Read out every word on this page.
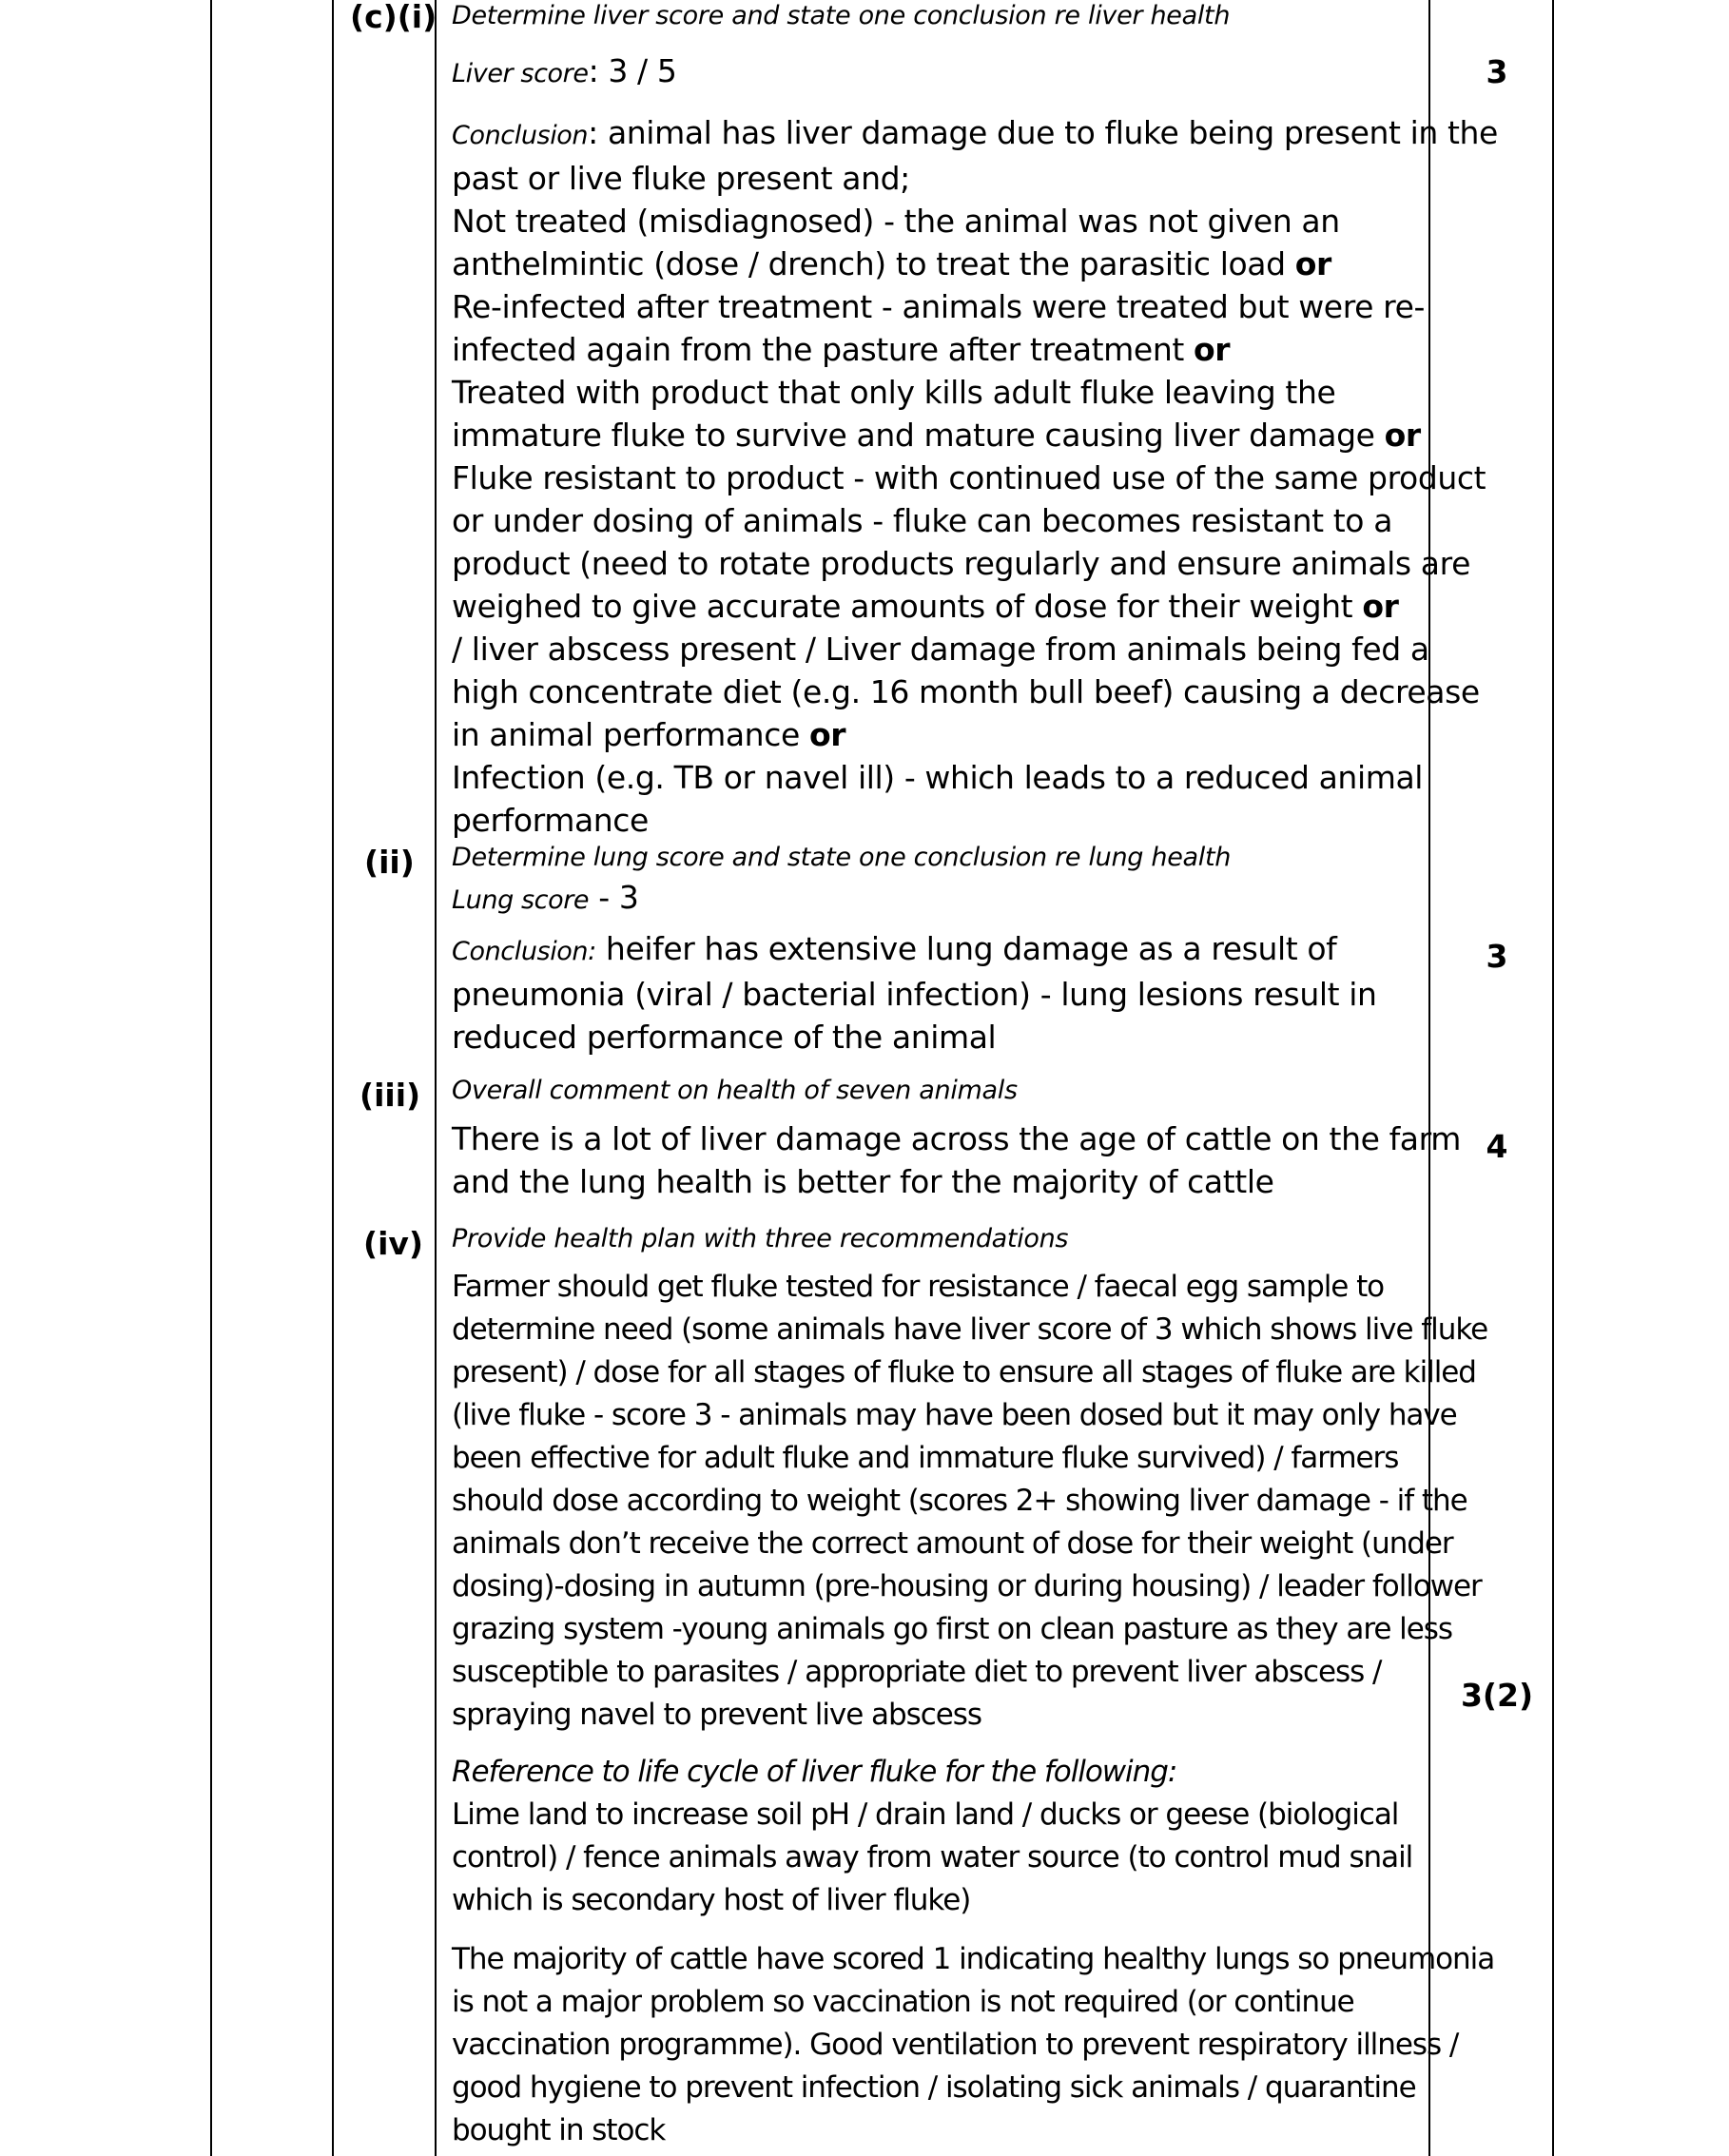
(c)(i) Determine liver score and state one conclusion re liver health
Liver score: 3 / 5	3
Conclusion: animal has liver damage due to fluke being present in the
past or live fluke present and;
Not treated (misdiagnosed) - the animal was not given an
anthelmintic (dose / drench) to treat the parasitic load or
Re-infected after treatment - animals were treated but were re-
infected again from the pasture after treatment or
Treated with product that only kills adult fluke leaving the
immature fluke to survive and mature causing liver damage or
Fluke resistant to product - with continued use of the same product
or under dosing of animals - fluke can becomes resistant to a
product (need to rotate products regularly and ensure animals are
weighed to give accurate amounts of dose for their weight or
/ liver abscess present / Liver damage from animals being fed a
high concentrate diet (e.g. 16 month bull beef) causing a decrease
in animal performance or
Infection (e.g. TB or navel ill) - which leads to a reduced animal
performance
(ii) Determine lung score and state one conclusion re lung health
Lung score - 3
Conclusion: heifer has extensive lung damage as a result of
pneumonia (viral / bacterial infection) - lung lesions result in
reduced performance of the animal
3
(iii) Overall comment on health of seven animals
There is a lot of liver damage across the age of cattle on the farm
and the lung health is better for the majority of cattle
4
(iv) Provide health plan with three recommendations
Farmer should get fluke tested for resistance / faecal egg sample to
determine need (some animals have liver score of 3 which shows live fluke
present) / dose for all stages of fluke to ensure all stages of fluke are killed
(live fluke - score 3 - animals may have been dosed but it may only have
been effective for adult fluke and immature fluke survived) / farmers
should dose according to weight (scores 2+ showing liver damage - if the
animals don’t receive the correct amount of dose for their weight (under
dosing)-dosing in autumn (pre-housing or during housing) / leader follower
grazing system -young animals go first on clean pasture as they are less
susceptible to parasites / appropriate diet to prevent liver abscess /
spraying navel to prevent live abscess
3(2)
Reference to life cycle of liver fluke for the following:
Lime land to increase soil pH / drain land / ducks or geese (biological
control) / fence animals away from water source (to control mud snail
which is secondary host of liver fluke)
The majority of cattle have scored 1 indicating healthy lungs so pneumonia
is not a major problem so vaccination is not required (or continue
vaccination programme). Good ventilation to prevent respiratory illness /
good hygiene to prevent infection / isolating sick animals / quarantine
bought in stock
